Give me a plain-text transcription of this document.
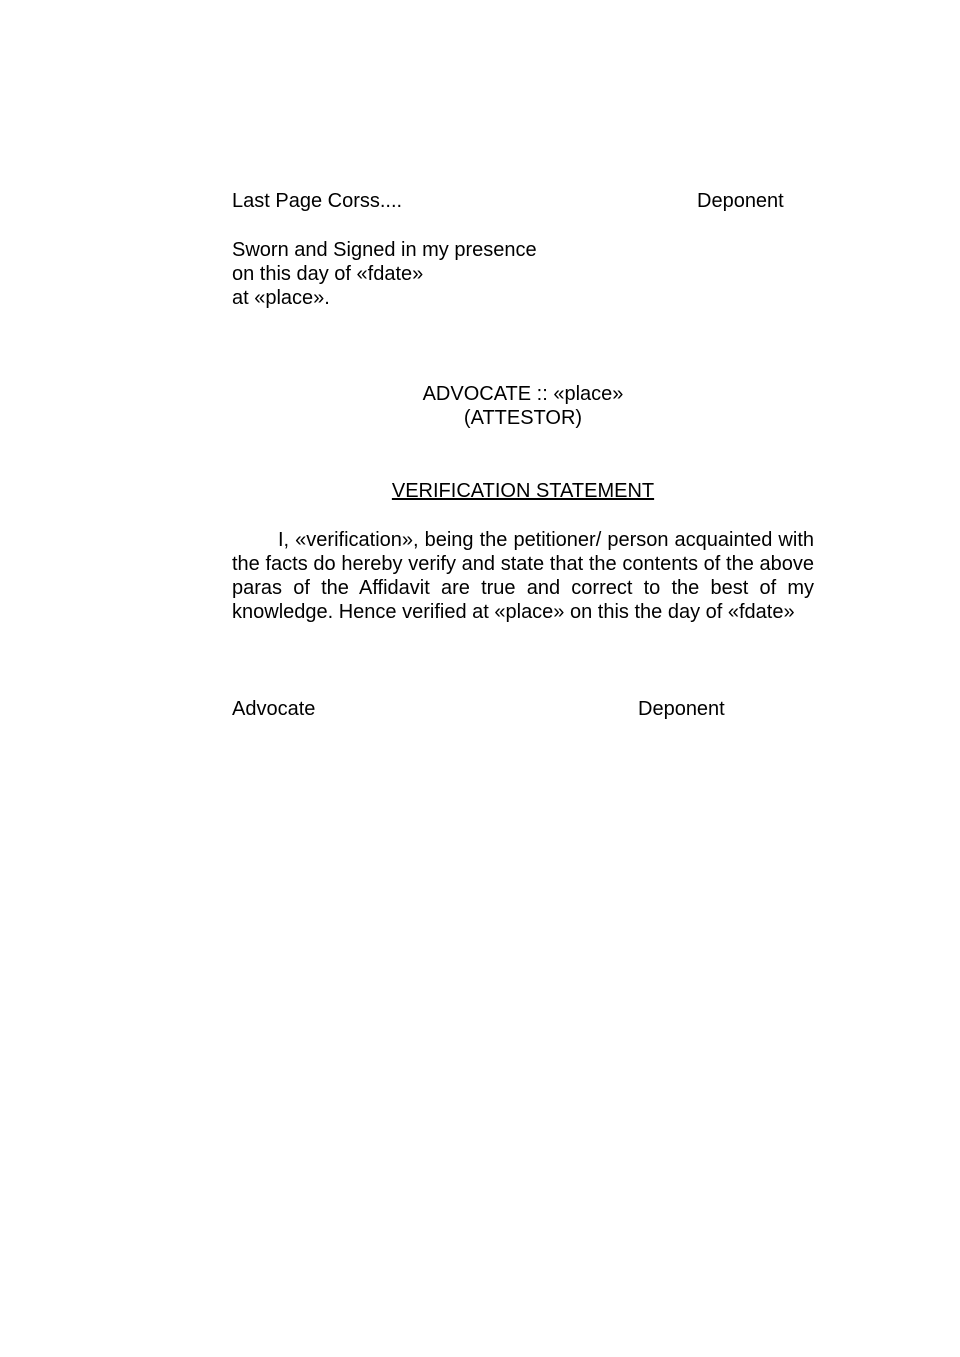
Last Page Corss....	Deponent
Sworn and Signed in my presence
on this day of «fdate»
at «place».
ADVOCATE :: «place»
(ATTESTOR)
VERIFICATION STATEMENT
I, «verification», being the petitioner/ person acquainted with the facts do hereby verify and state that the contents of the above paras of the Affidavit are true and correct to the best of my knowledge. Hence verified at «place» on this the day of «fdate»
Advocate	Deponent
